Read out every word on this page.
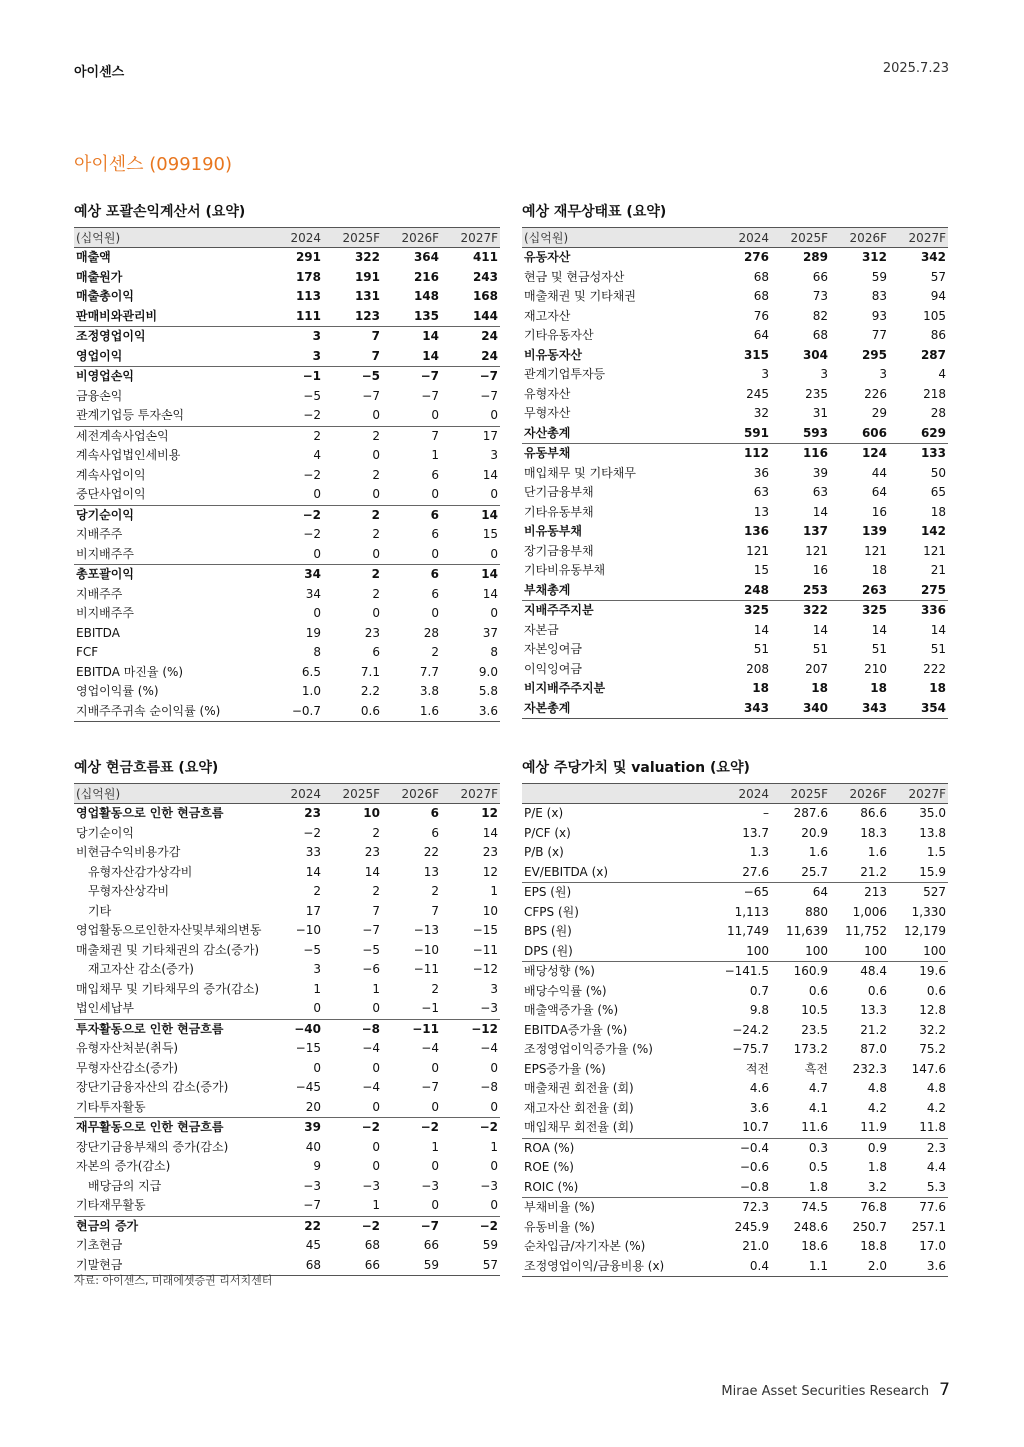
아이센스	2025.7.23
아이센스 (099190)
예상 포괄손익계산서 (요약)
(십억원)	2024	2025F	2026F	2027F
매출액	291	322	364	411
매출원가	178	191	216	243
매출총이익	113	131	148	168
판매비와관리비	111	123	135	144
조정영업이익	3	7	14	24
영업이익	3	7	14	24
비영업손익	−1	−5	−7	−7
금융손익	−5	−7	−7	−7
관계기업등 투자손익	−2	0	0	0
세전계속사업손익	2	2	7	17
계속사업법인세비용	4	0	1	3
계속사업이익	−2	2	6	14
중단사업이익	0	0	0	0
당기순이익	−2	2	6	14
지배주주	−2	2	6	15
비지배주주	0	0	0	0
총포괄이익	34	2	6	14
지배주주	34	2	6	14
비지배주주	0	0	0	0
EBITDA	19	23	28	37
FCF	8	6	2	8
EBITDA 마진율 (%)	6.5	7.1	7.7	9.0
영업이익률 (%)	1.0	2.2	3.8	5.8
지배주주귀속 순이익률 (%)	−0.7	0.6	1.6	3.6
예상 재무상태표 (요약)
(십억원)	2024	2025F	2026F	2027F
유동자산	276	289	312	342
현금 및 현금성자산	68	66	59	57
매출채권 및 기타채권	68	73	83	94
재고자산	76	82	93	105
기타유동자산	64	68	77	86
비유동자산	315	304	295	287
관계기업투자등	3	3	3	4
유형자산	245	235	226	218
무형자산	32	31	29	28
자산총계	591	593	606	629
유동부채	112	116	124	133
매입채무 및 기타채무	36	39	44	50
단기금융부채	63	63	64	65
기타유동부채	13	14	16	18
비유동부채	136	137	139	142
장기금융부채	121	121	121	121
기타비유동부채	15	16	18	21
부채총계	248	253	263	275
지배주주지분	325	322	325	336
자본금	14	14	14	14
자본잉여금	51	51	51	51
이익잉여금	208	207	210	222
비지배주주지분	18	18	18	18
자본총계	343	340	343	354
예상 현금흐름표 (요약)
(십억원)	2024	2025F	2026F	2027F
영업활동으로 인한 현금흐름	23	10	6	12
당기순이익	−2	2	6	14
비현금수익비용가감	33	23	22	23
유형자산감가상각비	14	14	13	12
무형자산상각비	2	2	2	1
기타	17	7	7	10
영업활동으로인한자산및부채의변동	−10	−7	−13	−15
매출채권 및 기타채권의 감소(증가)	−5	−5	−10	−11
재고자산 감소(증가)	3	−6	−11	−12
매입채무 및 기타채무의 증가(감소)	1	1	2	3
법인세납부	0	0	−1	−3
투자활동으로 인한 현금흐름	−40	−8	−11	−12
유형자산처분(취득)	−15	−4	−4	−4
무형자산감소(증가)	0	0	0	0
장단기금융자산의 감소(증가)	−45	−4	−7	−8
기타투자활동	20	0	0	0
재무활동으로 인한 현금흐름	39	−2	−2	−2
장단기금융부채의 증가(감소)	40	0	1	1
자본의 증가(감소)	9	0	0	0
배당금의 지급	−3	−3	−3	−3
기타재무활동	−7	1	0	0
현금의 증가	22	−2	−7	−2
기초현금	45	68	66	59
기말현금	68	66	59	57
예상 주당가치 및 valuation (요약)
	2024	2025F	2026F	2027F
P/E (x)	–	287.6	86.6	35.0
P/CF (x)	13.7	20.9	18.3	13.8
P/B (x)	1.3	1.6	1.6	1.5
EV/EBITDA (x)	27.6	25.7	21.2	15.9
EPS (원)	−65	64	213	527
CFPS (원)	1,113	880	1,006	1,330
BPS (원)	11,749	11,639	11,752	12,179
DPS (원)	100	100	100	100
배당성향 (%)	−141.5	160.9	48.4	19.6
배당수익률 (%)	0.7	0.6	0.6	0.6
매출액증가율 (%)	9.8	10.5	13.3	12.8
EBITDA증가율 (%)	−24.2	23.5	21.2	32.2
조정영업이익증가율 (%)	−75.7	173.2	87.0	75.2
EPS증가율 (%)	적전	흑전	232.3	147.6
매출채권 회전율 (회)	4.6	4.7	4.8	4.8
재고자산 회전율 (회)	3.6	4.1	4.2	4.2
매입채무 회전율 (회)	10.7	11.6	11.9	11.8
ROA (%)	−0.4	0.3	0.9	2.3
ROE (%)	−0.6	0.5	1.8	4.4
ROIC (%)	−0.8	1.8	3.2	5.3
부채비율 (%)	72.3	74.5	76.8	77.6
유동비율 (%)	245.9	248.6	250.7	257.1
순차입금/자기자본 (%)	21.0	18.6	18.8	17.0
조정영업이익/금융비용 (x)	0.4	1.1	2.0	3.6
자료: 아이센스, 미래에셋증권 리서치센터
Mirae Asset Securities Research 7
